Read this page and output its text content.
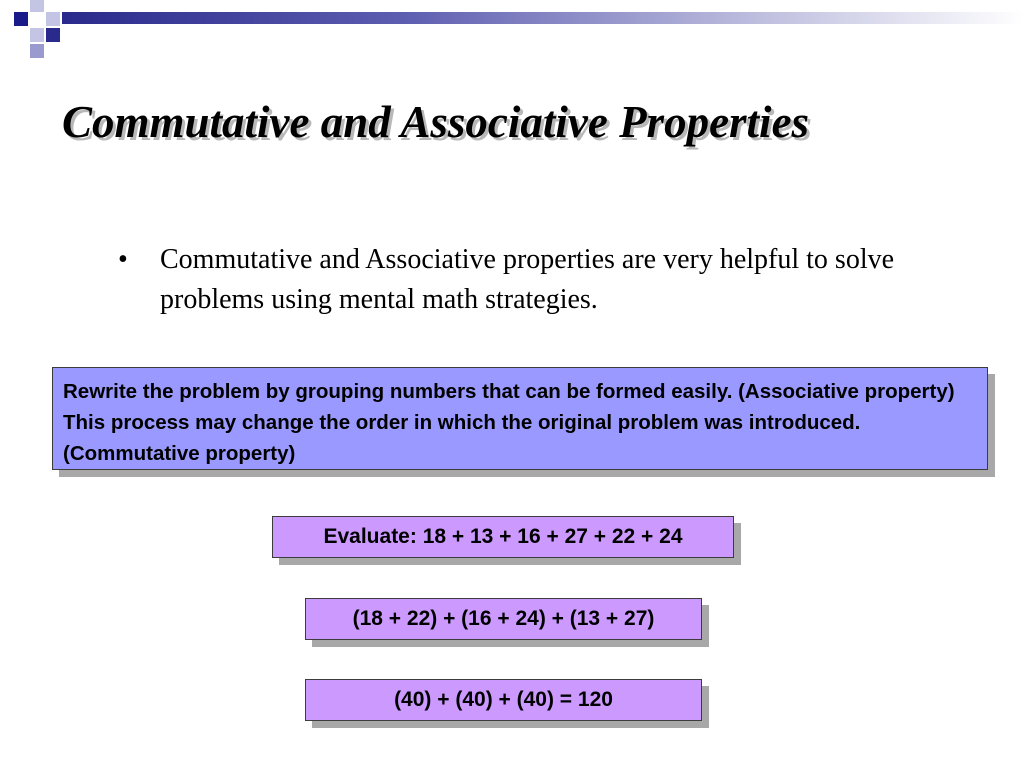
Commutative and Associative Properties
•	Commutative and Associative properties are very helpful to solve problems using mental math strategies.
Rewrite the problem by grouping numbers that can be formed easily. (Associative property) This process may change the order in which the original problem was introduced. (Commutative property)
Evaluate: 18 + 13 + 16 + 27 + 22 + 24
(18 + 22) + (16 + 24) + (13 + 27)
(40) + (40) + (40) = 120
